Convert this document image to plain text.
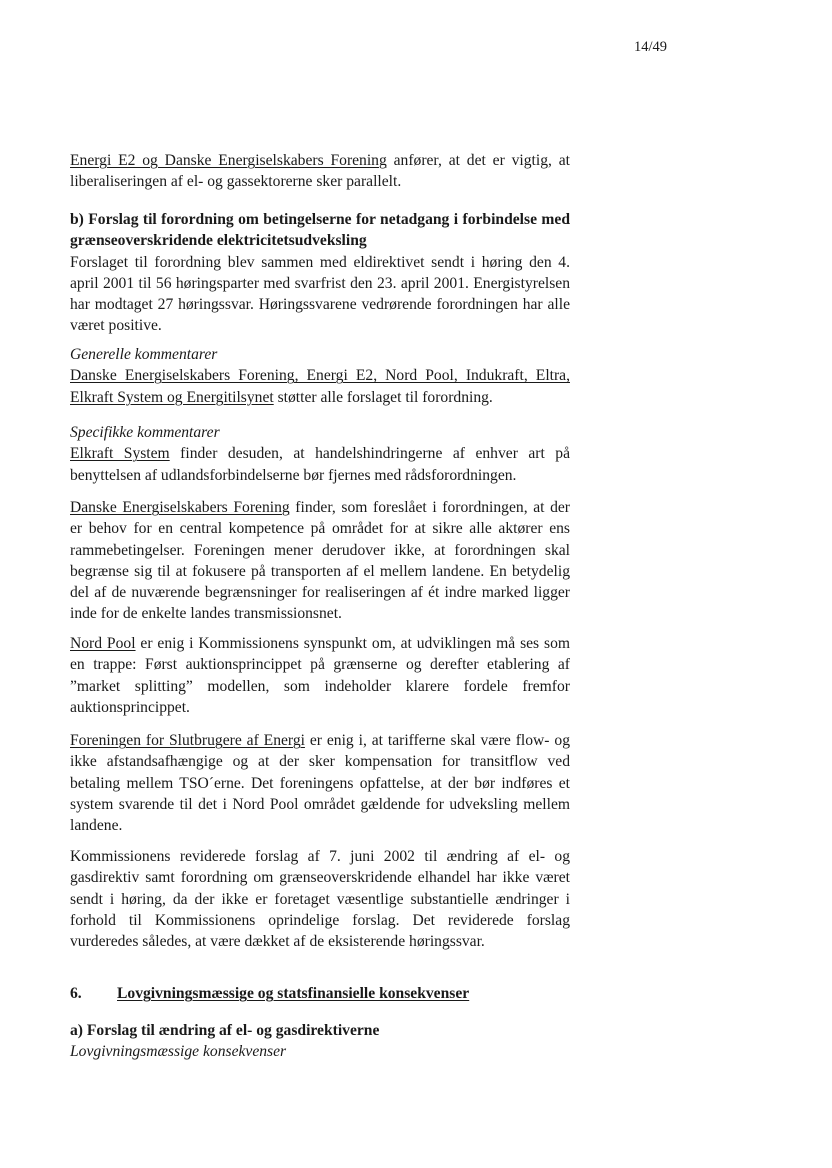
14/49

Energi E2 og Danske Energiselskabers Forening anfører, at det er vigtig, at liberaliseringen af el- og gassektorerne sker parallelt.

b) Forslag til forordning om betingelserne for netadgang i forbindelse med grænseoverskridende elektricitetsudveksling

Forslaget til forordning blev sammen med eldirektivet sendt i høring den 4. april 2001 til 56 høringsparter med svarfrist den 23. april 2001. Energistyrelsen har modtaget 27 høringssvar. Høringssvarene vedrørende forordningen har alle været positive.

Generelle kommentarer

Danske Energiselskabers Forening, Energi E2, Nord Pool, Indukraft, Eltra, Elkraft System og Energitilsynet støtter alle forslaget til forordning.

Specifikke kommentarer

Elkraft System finder desuden, at handelshindringerne af enhver art på benyttelsen af udlandsforbindelserne bør fjernes med rådsforordningen.

Danske Energiselskabers Forening finder, som foreslået i forordningen, at der er behov for en central kompetence på området for at sikre alle aktører ens rammebetingelser. Foreningen mener derudover ikke, at forordningen skal begrænse sig til at fokusere på transporten af el mellem landene. En betydelig del af de nuværende begrænsninger for realiseringen af ét indre marked ligger inde for de enkelte landes transmissionsnet.

Nord Pool er enig i Kommissionens synspunkt om, at udviklingen må ses som en trappe: Først auktionsprincippet på grænserne og derefter etablering af ”market splitting” modellen, som indeholder klarere fordele fremfor auktionsprincippet.

Foreningen for Slutbrugere af Energi er enig i, at tarifferne skal være flow- og ikke afstandsafhængige og at der sker kompensation for transitflow ved betaling mellem TSO´erne. Det foreningens opfattelse, at der bør indføres et system svarende til det i Nord Pool området gældende for udveksling mellem landene.

Kommissionens reviderede forslag af 7. juni 2002 til ændring af el- og gasdirektiv samt forordning om grænseoverskridende elhandel har ikke været sendt i høring, da der ikke er foretaget væsentlige substantielle ændringer i forhold til Kommissionens oprindelige forslag. Det reviderede forslag vurderedes således, at være dækket af de eksisterende høringssvar.

6. Lovgivningsmæssige og statsfinansielle konsekvenser

a) Forslag til ændring af el- og gasdirektiverne

Lovgivningsmæssige konsekvenser
